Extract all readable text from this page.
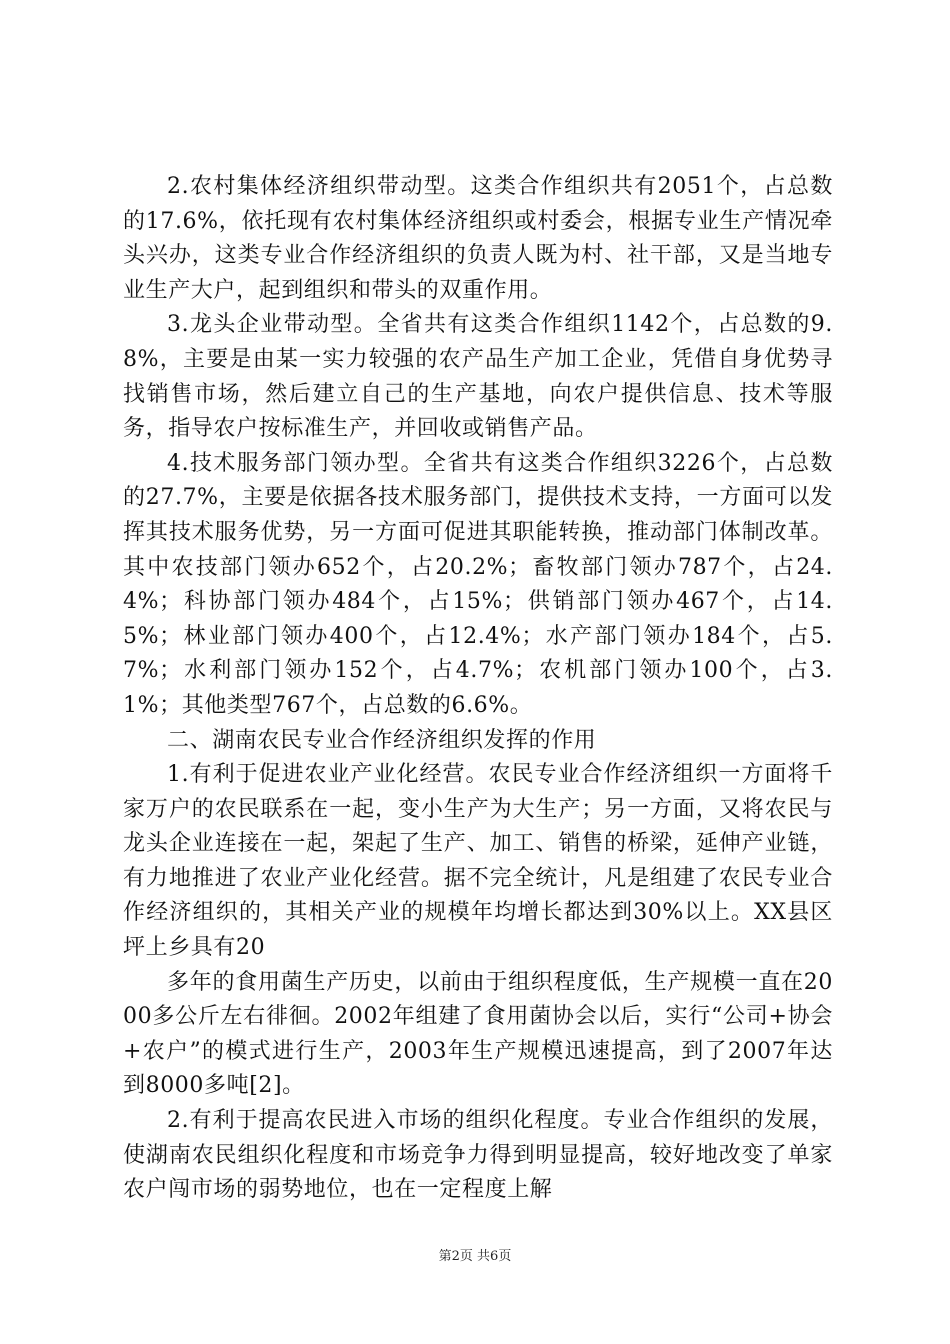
2.农村集体经济组织带动型。这类合作组织共有2051个，占总数的17.6%，依托现有农村集体经济组织或村委会，根据专业生产情况牵头兴办，这类专业合作经济组织的负责人既为村、社干部，又是当地专业生产大户，起到组织和带头的双重作用。

3.龙头企业带动型。全省共有这类合作组织1142个，占总数的9.8%，主要是由某一实力较强的农产品生产加工企业，凭借自身优势寻找销售市场，然后建立自己的生产基地，向农户提供信息、技术等服务，指导农户按标准生产，并回收或销售产品。

4.技术服务部门领办型。全省共有这类合作组织3226个，占总数的27.7%，主要是依据各技术服务部门，提供技术支持，一方面可以发挥其技术服务优势，另一方面可促进其职能转换，推动部门体制改革。其中农技部门领办652个，占20.2%；畜牧部门领办787个，占24.4%；科协部门领办484个，占15%；供销部门领办467个，占14.5%；林业部门领办400个，占12.4%；水产部门领办184个，占5.7%；水利部门领办152个，占4.7%；农机部门领办100个，占3.1%；其他类型767个，占总数的6.6%。

二、湖南农民专业合作经济组织发挥的作用

1.有利于促进农业产业化经营。农民专业合作经济组织一方面将千家万户的农民联系在一起，变小生产为大生产；另一方面，又将农民与龙头企业连接在一起，架起了生产、加工、销售的桥梁，延伸产业链，有力地推进了农业产业化经营。据不完全统计，凡是组建了农民专业合作经济组织的，其相关产业的规模年均增长都达到30%以上。XX县区坪上乡具有20

多年的食用菌生产历史，以前由于组织程度低，生产规模一直在2000多公斤左右徘徊。2002年组建了食用菌协会以后，实行“公司+协会+农户”的模式进行生产，2003年生产规模迅速提高，到了2007年达到8000多吨[2]。

2.有利于提高农民进入市场的组织化程度。专业合作组织的发展，使湖南农民组织化程度和市场竞争力得到明显提高，较好地改变了单家农户闯市场的弱势地位，也在一定程度上解

第2页 共6页
